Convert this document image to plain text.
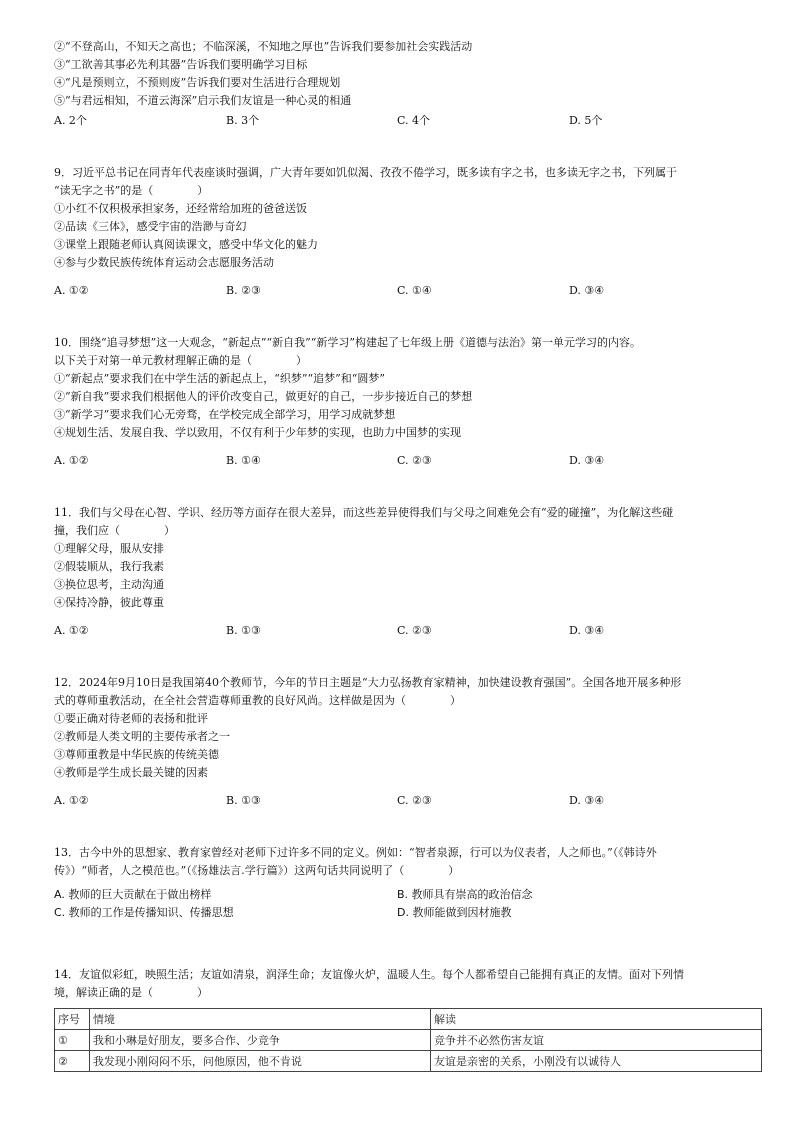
②“不登高山，不知天之高也；不临深溪，不知地之厚也”告诉我们要参加社会实践活动
③“工欲善其事必先利其器”告诉我们要明确学习目标
④“凡是预则立，不预则废”告诉我们要对生活进行合理规划
⑤“与君远相知，不道云海深”启示我们友谊是一种心灵的相通
A. 2个	B. 3个	C. 4个	D. 5个
9．习近平总书记在同青年代表座谈时强调，广大青年要如饥似渴、孜孜不倦学习，既多读有字之书，也多读无字之书，下列属于
“读无字之书”的是（　　　　）
①小红不仅积极承担家务，还经常给加班的爸爸送饭
②品读《三体》，感受宇宙的浩渺与奇幻
③课堂上跟随老师认真阅读课文，感受中华文化的魅力
④参与少数民族传统体育运动会志愿服务活动
A. ①②	B. ②③	C. ①④	D. ③④
10．围绕“追寻梦想”这一大观念，“新起点”“新自我”“新学习”构建起了七年级上册《道德与法治》第一单元学习的内容。
以下关于对第一单元教材理解正确的是（　　　　）
①“新起点”要求我们在中学生活的新起点上，“织梦”“追梦”和“圆梦”
②“新自我”要求我们根据他人的评价改变自己，做更好的自己，一步步接近自己的梦想
③“新学习”要求我们心无旁骛，在学校完成全部学习，用学习成就梦想
④规划生活、发展自我、学以致用，不仅有利于少年梦的实现，也助力中国梦的实现
A. ①②	B. ①④	C. ②③	D. ③④
11．我们与父母在心智、学识、经历等方面存在很大差异，而这些差异使得我们与父母之间难免会有“爱的碰撞”，为化解这些碰
撞，我们应（　　　　）
①理解父母，服从安排
②假装顺从，我行我素
③换位思考，主动沟通
④保持冷静，彼此尊重
A. ①②	B. ①③	C. ②③	D. ③④
12．2024年9月10日是我国第40个教师节，今年的节日主题是“大力弘扬教育家精神，加快建设教育强国”。全国各地开展多种形
式的尊师重教活动，在全社会营造尊师重教的良好风尚。这样做是因为（　　　　）
①要正确对待老师的表扬和批评
②教师是人类文明的主要传承者之一
③尊师重教是中华民族的传统美德
④教师是学生成长最关键的因素
A. ①②	B. ①③	C. ②③	D. ③④
13．古今中外的思想家、教育家曾经对老师下过许多不同的定义。例如：“智者泉源，行可以为仪表者，人之师也。”（《韩诗外
传》）“师者，人之模范也。”（《扬雄法言.学行篇》）这两句话共同说明了（　　　　）
A. 教师的巨大贡献在于做出榜样	B. 教师具有崇高的政治信念
C. 教师的工作是传播知识、传播思想	D. 教师能做到因材施教
14．友谊似彩虹，映照生活；友谊如清泉，润泽生命；友谊像火炉，温暖人生。每个人都希望自己能拥有真正的友情。面对下列情
境，解读正确的是（　　　　）
序号	情境	解读
①	我和小琳是好朋友，要多合作、少竞争	竞争并不必然伤害友谊
②	我发现小刚闷闷不乐，问他原因，他不肯说	友谊是亲密的关系，小刚没有以诚待人
